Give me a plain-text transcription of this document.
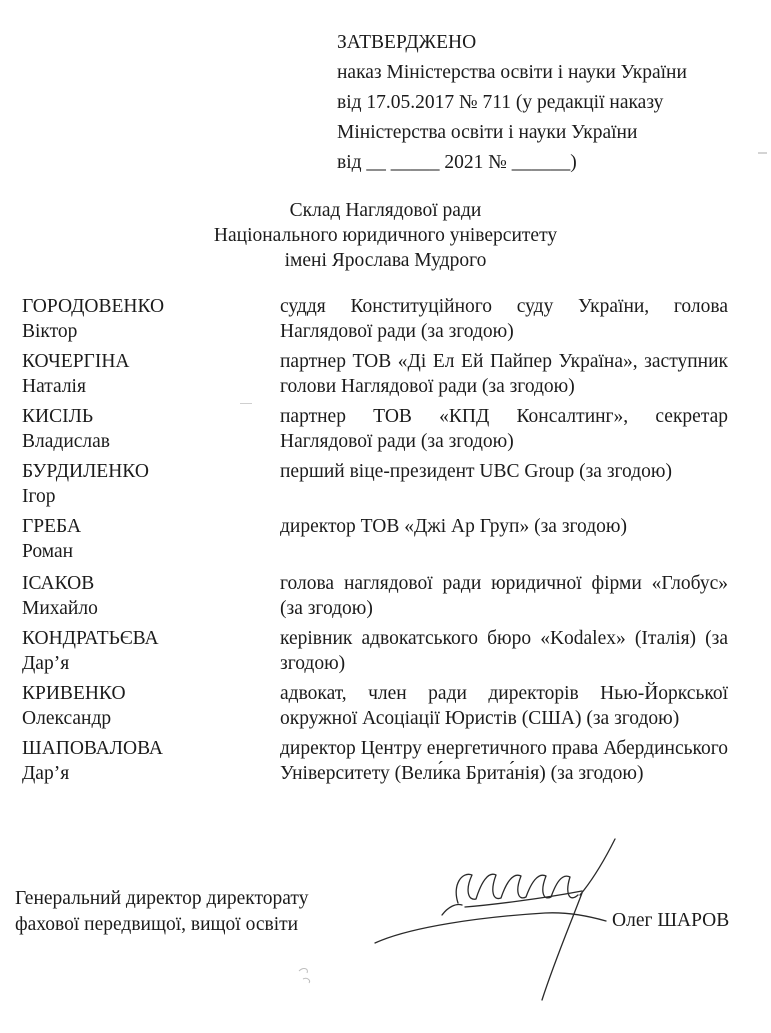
ЗАТВЕРДЖЕНО
наказ Міністерства освіти і науки України
від 17.05.2017 № 711 (у редакції наказу
Міністерства освіти і науки України
від __ _____ 2021 № ______)
Склад Наглядової ради
Національного юридичного університету
імені Ярослава Мудрого
ГОРОДОВЕНКО
Віктор
суддя Конституційного суду України, голова Наглядової ради (за згодою)
КОЧЕРГІНА
Наталія
партнер ТОВ «Ді Ел Ей Пайпер Україна», заступник голови Наглядової ради (за згодою)
КИСІЛЬ
Владислав
партнер ТОВ «КПД Консалтинг», секретар Наглядової ради (за згодою)
БУРДИЛЕНКО
Ігор
перший віце-президент UBC Group (за згодою)
ГРЕБА
Роман
директор ТОВ «Джі Ар Груп» (за згодою)
ІСАКОВ
Михайло
голова наглядової ради юридичної фірми «Глобус» (за згодою)
КОНДРАТЬЄВА
Дар’я
керівник адвокатського бюро «Kodalex» (Італія) (за згодою)
КРИВЕНКО
Олександр
адвокат, член ради директорів Нью-Йоркської окружної Асоціації Юристів (США) (за згодою)
ШАПОВАЛОВА
Дар’я
директор Центру енергетичного права Абердинського Університету (Вели́ка Брита́нія) (за згодою)
Генеральний директор директорату
фахової передвищої, вищої освіти	Олег ШАРОВ
